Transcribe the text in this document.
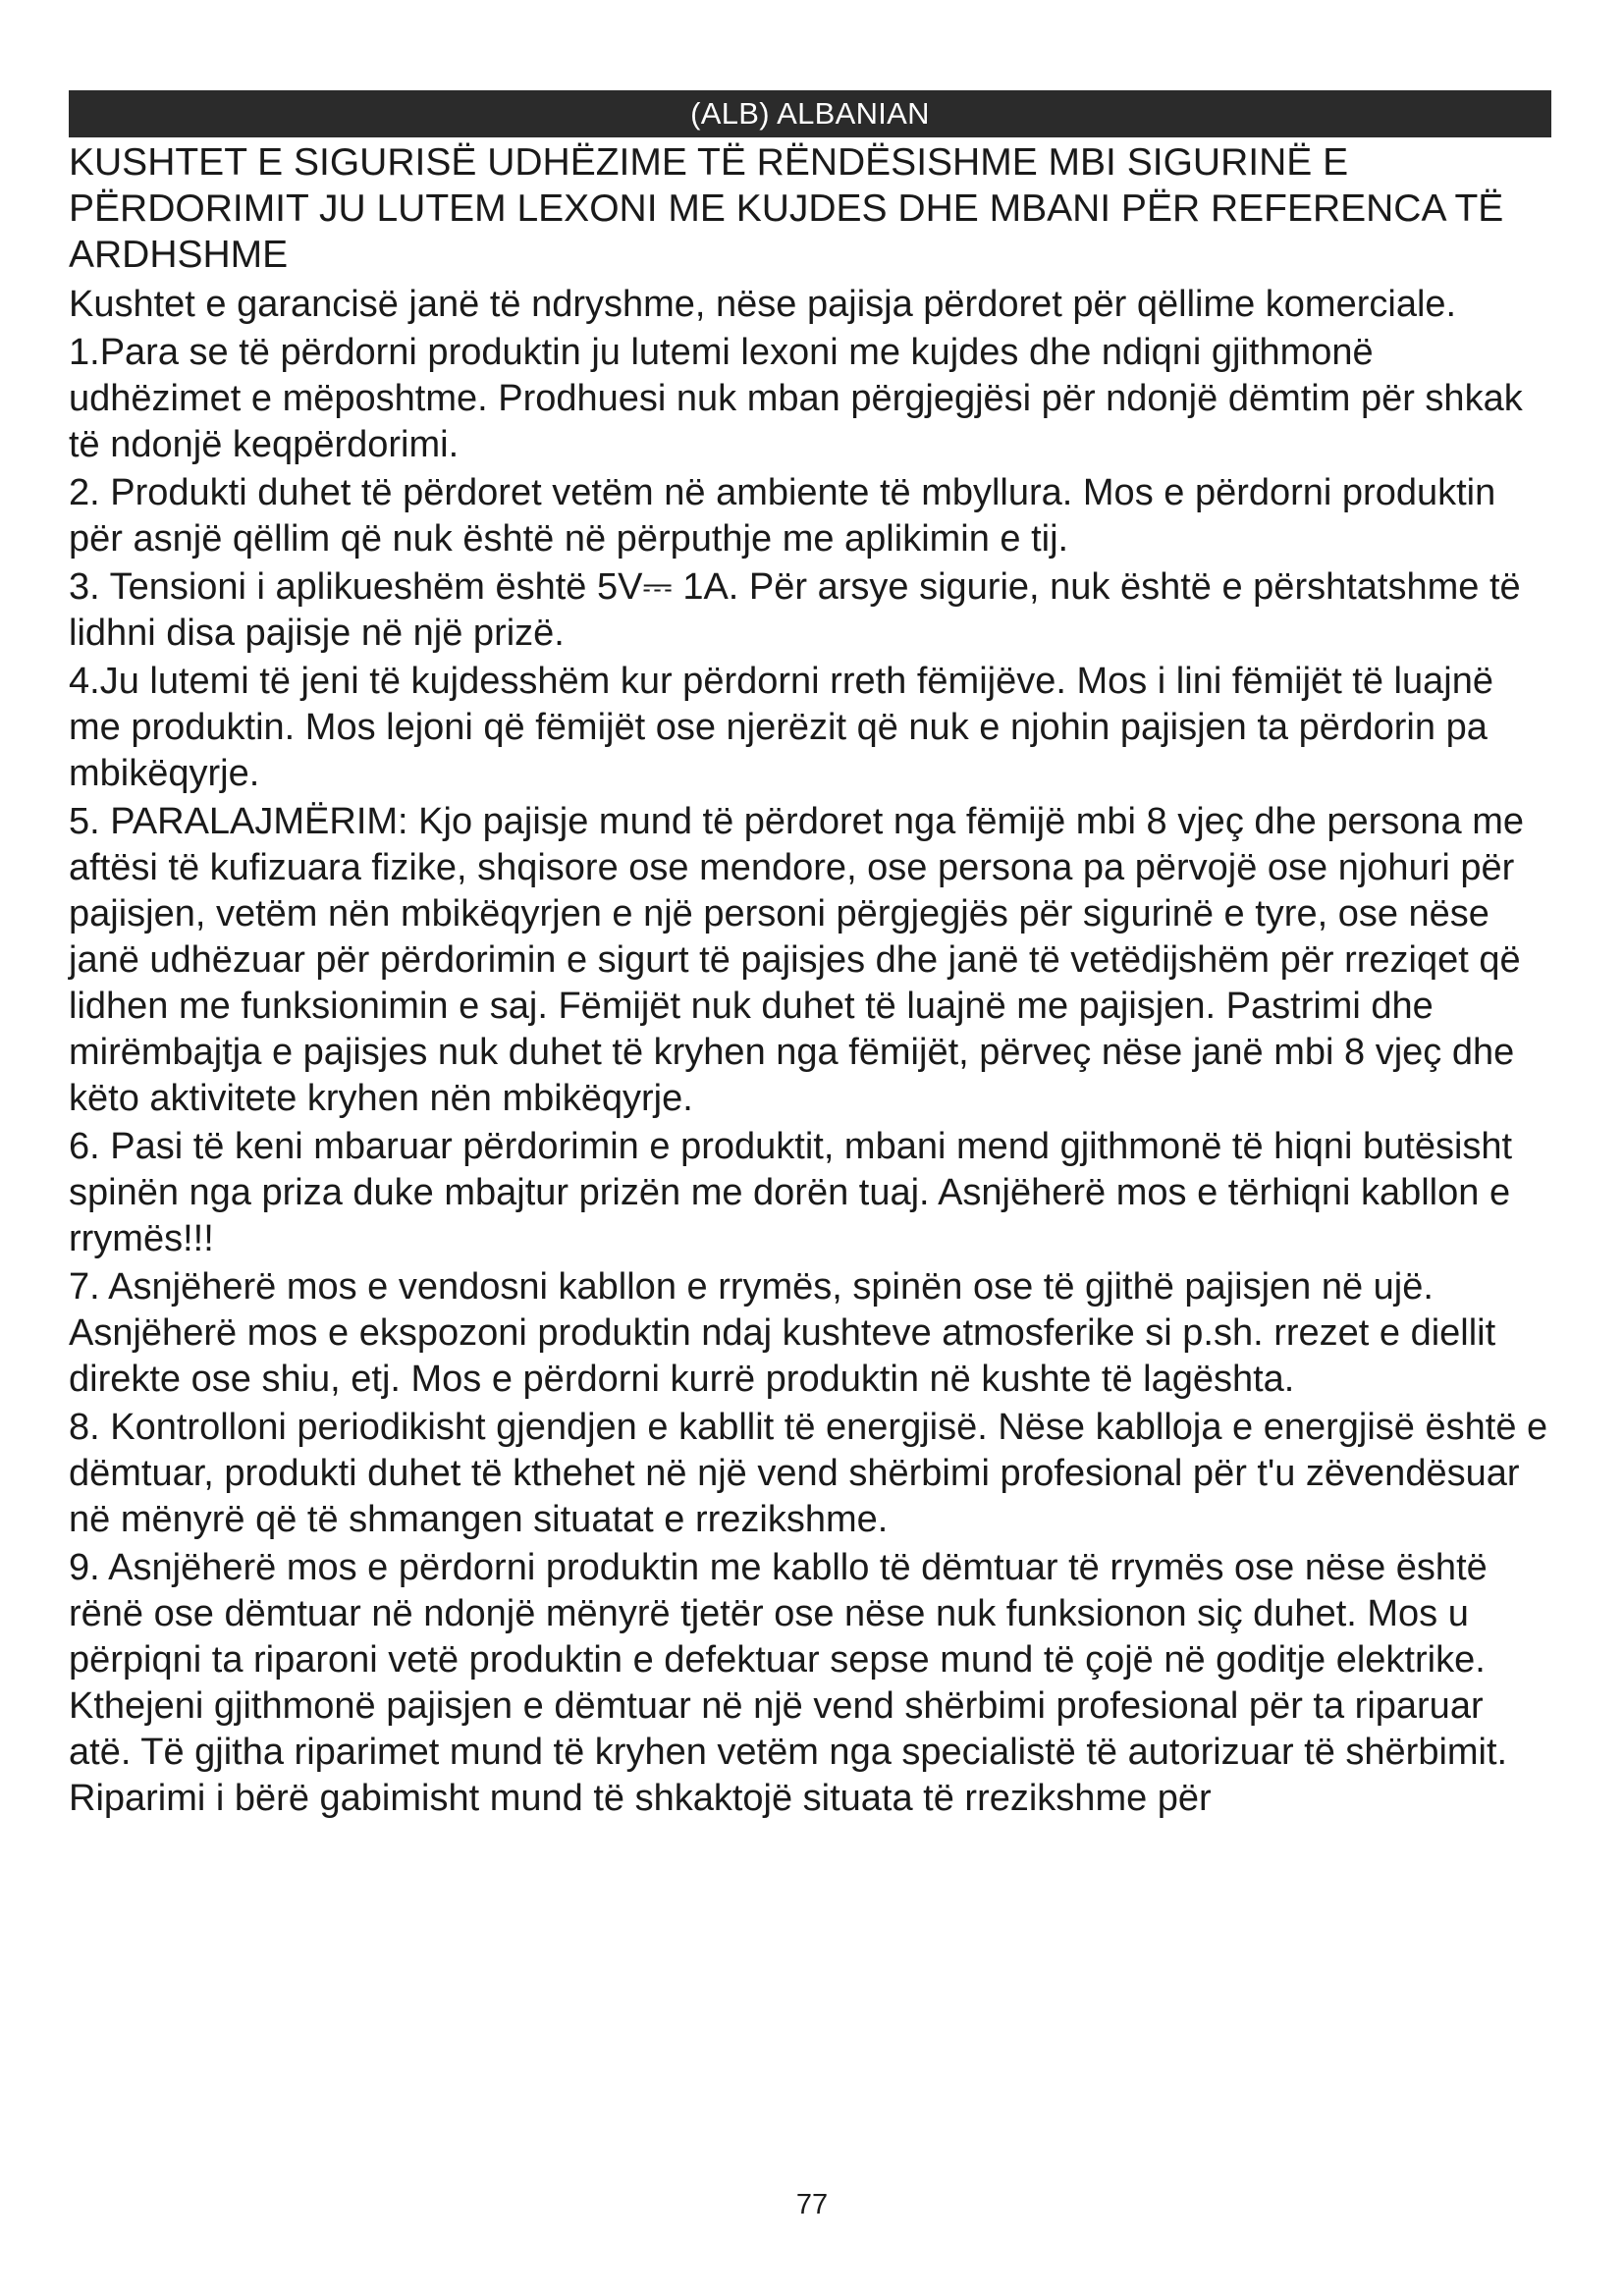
(ALB) ALBANIAN
KUSHTET E SIGURISË UDHËZIME TË RËNDËSISHME MBI SIGURINË E PËRDORIMIT JU LUTEM LEXONI ME KUJDES DHE MBANI PËR REFERENCA TË ARDHSHME

Kushtet e garancisë janë të ndryshme, nëse pajisja përdoret për qëllime komerciale.

1.Para se të përdorni produktin ju lutemi lexoni me kujdes dhe ndiqni gjithmonë udhëzimet e mëposhtme. Prodhuesi nuk mban përgjegjësi për ndonjë dëmtim për shkak të ndonjë keqpërdorimi.

2. Produkti duhet të përdoret vetëm në ambiente të mbyllura. Mos e përdorni produktin për asnjë qëllim që nuk është në përputhje me aplikimin e tij.

3. Tensioni i aplikueshëm është 5V⎓ 1A. Për arsye sigurie, nuk është e përshtatshme të lidhni disa pajisje në një prizë.

4.Ju lutemi të jeni të kujdesshëm kur përdorni rreth fëmijëve. Mos i lini fëmijët të luajnë me produktin. Mos lejoni që fëmijët ose njerëzit që nuk e njohin pajisjen ta përdorin pa mbikëqyrje.

5. PARALAJMËRIM: Kjo pajisje mund të përdoret nga fëmijë mbi 8 vjeç dhe persona me aftësi të kufizuara fizike, shqisore ose mendore, ose persona pa përvojë ose njohuri për pajisjen, vetëm nën mbikëqyrjen e një personi përgjegjës për sigurinë e tyre, ose nëse janë udhëzuar për përdorimin e sigurt të pajisjes dhe janë të vetëdijshëm për rreziqet që lidhen me funksionimin e saj. Fëmijët nuk duhet të luajnë me pajisjen. Pastrimi dhe mirëmbajtja e pajisjes nuk duhet të kryhen nga fëmijët, përveç nëse janë mbi 8 vjeç dhe këto aktivitete kryhen nën mbikëqyrje.

6. Pasi të keni mbaruar përdorimin e produktit, mbani mend gjithmonë të hiqni butësisht spinën nga priza duke mbajtur prizën me dorën tuaj. Asnjëherë mos e tërhiqni kabllon e rrymës!!!

7. Asnjëherë mos e vendosni kabllon e rrymës, spinën ose të gjithë pajisjen në ujë. Asnjëherë mos e ekspozoni produktin ndaj kushteve atmosferike si p.sh. rrezet e diellit direkte ose shiu, etj. Mos e përdorni kurrë produktin në kushte të lagështa.

8. Kontrolloni periodikisht gjendjen e kabllit të energjisë. Nëse kablloja e energjisë është e dëmtuar, produkti duhet të kthehet në një vend shërbimi profesional për t'u zëvendësuar në mënyrë që të shmangen situatat e rrezikshme.

9. Asnjëherë mos e përdorni produktin me kabllo të dëmtuar të rrymës ose nëse është rënë ose dëmtuar në ndonjë mënyrë tjetër ose nëse nuk funksionon siç duhet. Mos u përpiqni ta riparoni vetë produktin e defektuar sepse mund të çojë në goditje elektrike. Kthejeni gjithmonë pajisjen e dëmtuar në një vend shërbimi profesional për ta riparuar atë. Të gjitha riparimet mund të kryhen vetëm nga specialistë të autorizuar të shërbimit. Riparimi i bërë gabimisht mund të shkaktojë situata të rrezikshme për

77
